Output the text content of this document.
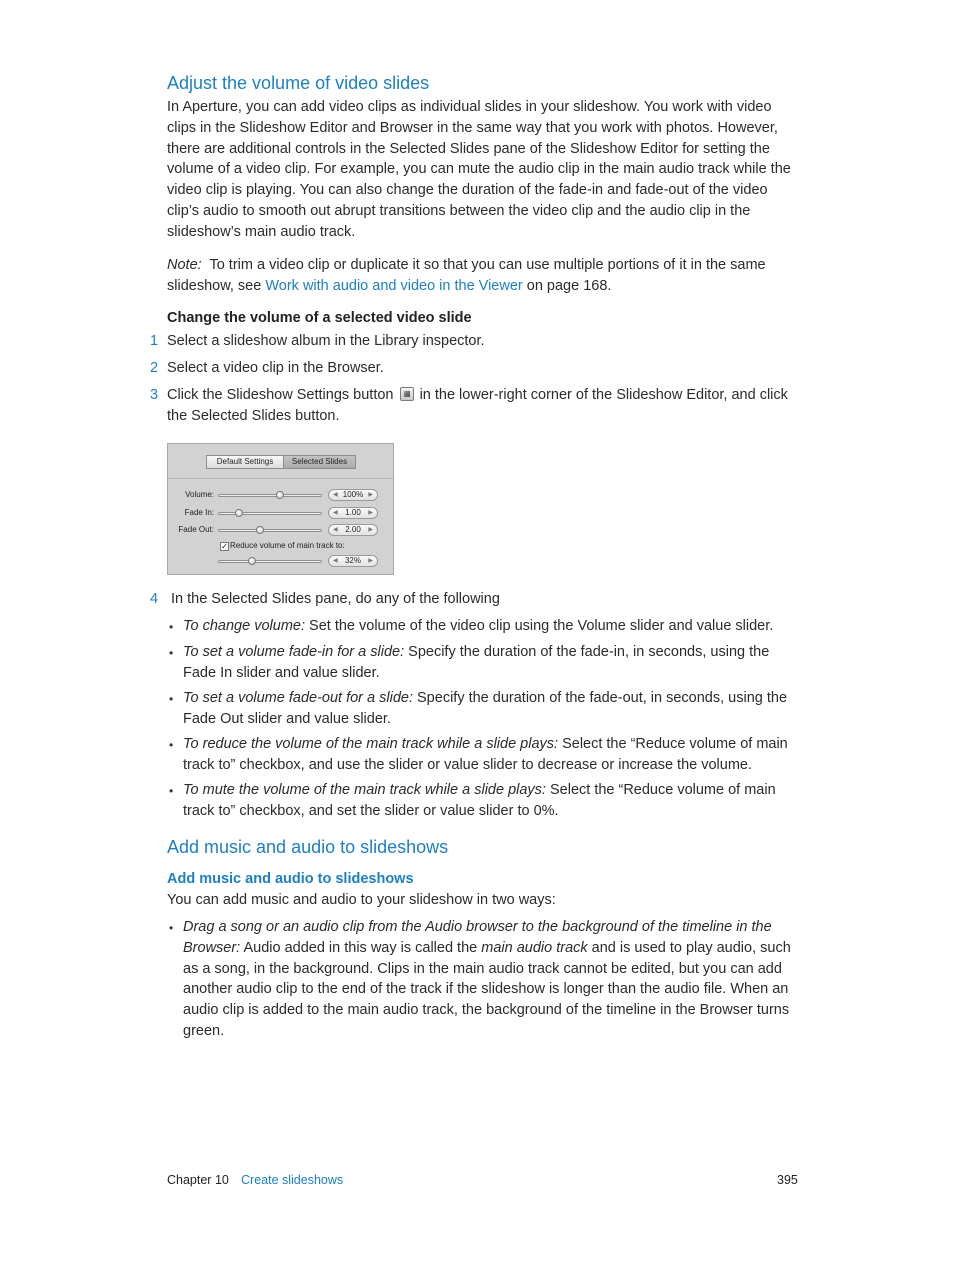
Adjust the volume of video slides
In Aperture, you can add video clips as individual slides in your slideshow. You work with video clips in the Slideshow Editor and Browser in the same way that you work with photos. However, there are additional controls in the Selected Slides pane of the Slideshow Editor for setting the volume of a video clip. For example, you can mute the audio clip in the main audio track while the video clip is playing. You can also change the duration of the fade-in and fade-out of the video clip’s audio to smooth out abrupt transitions between the video clip and the audio clip in the slideshow’s main audio track.
Note: To trim a video clip or duplicate it so that you can use multiple portions of it in the same slideshow, see Work with audio and video in the Viewer on page 168.
Change the volume of a selected video slide
1 Select a slideshow album in the Library inspector.
2 Select a video clip in the Browser.
3 Click the Slideshow Settings button in the lower-right corner of the Slideshow Editor, and click the Selected Slides button.
Default Settings	Selected Slides
Volume:	◀ 100% ▶
Fade In:	◀ 1.00 ▶
Fade Out:	◀ 2.00 ▶
✓ Reduce volume of main track to:
◀ 32% ▶
4 In the Selected Slides pane, do any of the following
• To change volume: Set the volume of the video clip using the Volume slider and value slider.
• To set a volume fade-in for a slide: Specify the duration of the fade-in, in seconds, using the Fade In slider and value slider.
• To set a volume fade-out for a slide: Specify the duration of the fade-out, in seconds, using the Fade Out slider and value slider.
• To reduce the volume of the main track while a slide plays: Select the “Reduce volume of main track to” checkbox, and use the slider or value slider to decrease or increase the volume.
• To mute the volume of the main track while a slide plays: Select the “Reduce volume of main track to” checkbox, and set the slider or value slider to 0%.
Add music and audio to slideshows
Add music and audio to slideshows
You can add music and audio to your slideshow in two ways:
• Drag a song or an audio clip from the Audio browser to the background of the timeline in the Browser: Audio added in this way is called the main audio track and is used to play audio, such as a song, in the background. Clips in the main audio track cannot be edited, but you can add another audio clip to the end of the track if the slideshow is longer than the audio file. When an audio clip is added to the main audio track, the background of the timeline in the Browser turns green.
Chapter 10 Create slideshows	395
